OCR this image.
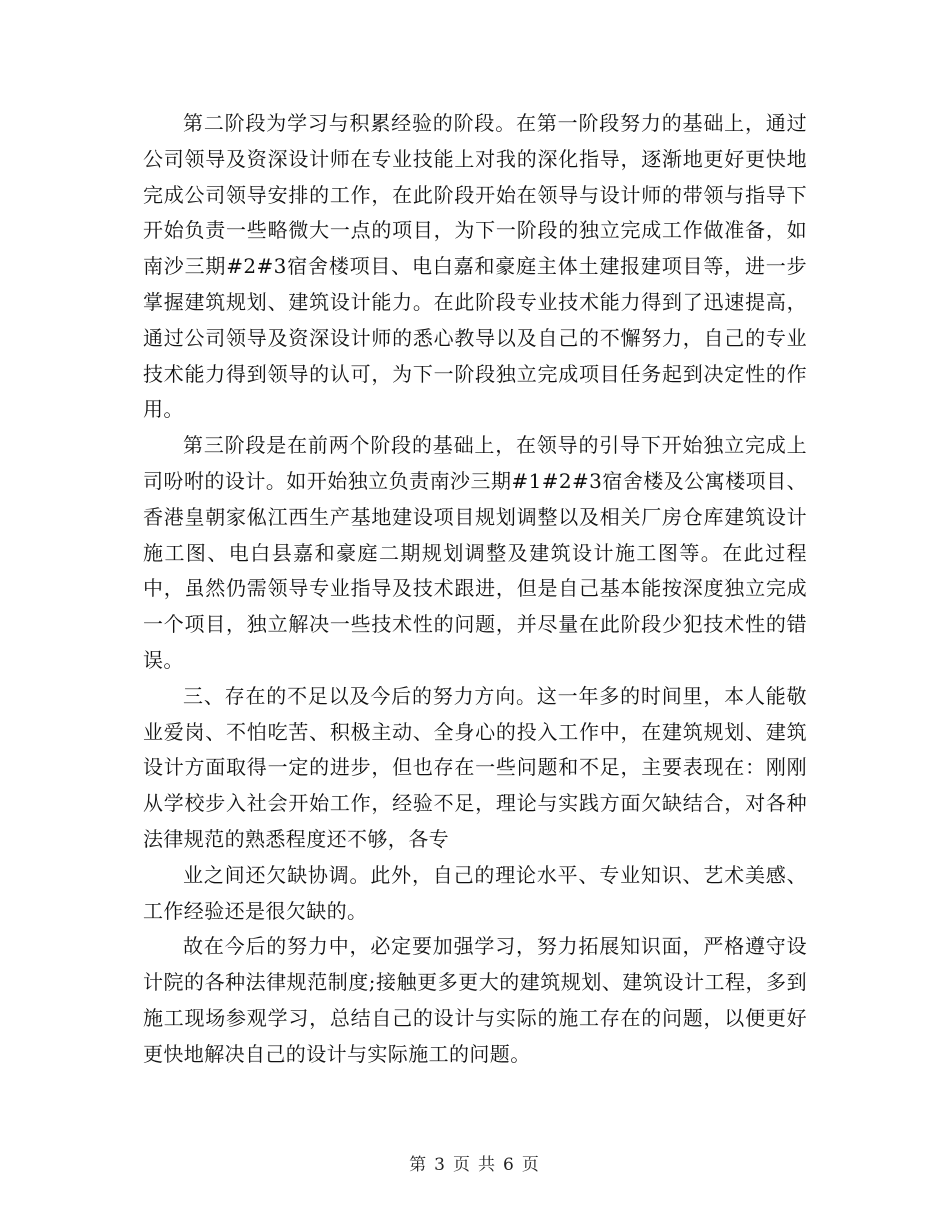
第二阶段为学习与积累经验的阶段。在第一阶段努力的基础上，通过公司领导及资深设计师在专业技能上对我的深化指导，逐渐地更好更快地完成公司领导安排的工作，在此阶段开始在领导与设计师的带领与指导下开始负责一些略微大一点的项目，为下一阶段的独立完成工作做准备，如南沙三期#2#3宿舍楼项目、电白嘉和豪庭主体土建报建项目等，进一步掌握建筑规划、建筑设计能力。在此阶段专业技术能力得到了迅速提高，通过公司领导及资深设计师的悉心教导以及自己的不懈努力，自己的专业技术能力得到领导的认可，为下一阶段独立完成项目任务起到决定性的作用。

第三阶段是在前两个阶段的基础上，在领导的引导下开始独立完成上司吩咐的设计。如开始独立负责南沙三期#1#2#3宿舍楼及公寓楼项目、香港皇朝家俬江西生产基地建设项目规划调整以及相关厂房仓库建筑设计施工图、电白县嘉和豪庭二期规划调整及建筑设计施工图等。在此过程中，虽然仍需领导专业指导及技术跟进，但是自己基本能按深度独立完成一个项目，独立解决一些技术性的问题，并尽量在此阶段少犯技术性的错误。

三、存在的不足以及今后的努力方向。这一年多的时间里，本人能敬业爱岗、不怕吃苦、积极主动、全身心的投入工作中，在建筑规划、建筑设计方面取得一定的进步，但也存在一些问题和不足，主要表现在：刚刚从学校步入社会开始工作，经验不足，理论与实践方面欠缺结合，对各种法律规范的熟悉程度还不够，各专

业之间还欠缺协调。此外，自己的理论水平、专业知识、艺术美感、工作经验还是很欠缺的。

故在今后的努力中，必定要加强学习，努力拓展知识面，严格遵守设计院的各种法律规范制度;接触更多更大的建筑规划、建筑设计工程，多到施工现场参观学习，总结自己的设计与实际的施工存在的问题，以便更好更快地解决自己的设计与实际施工的问题。

第 3 页 共 6 页
